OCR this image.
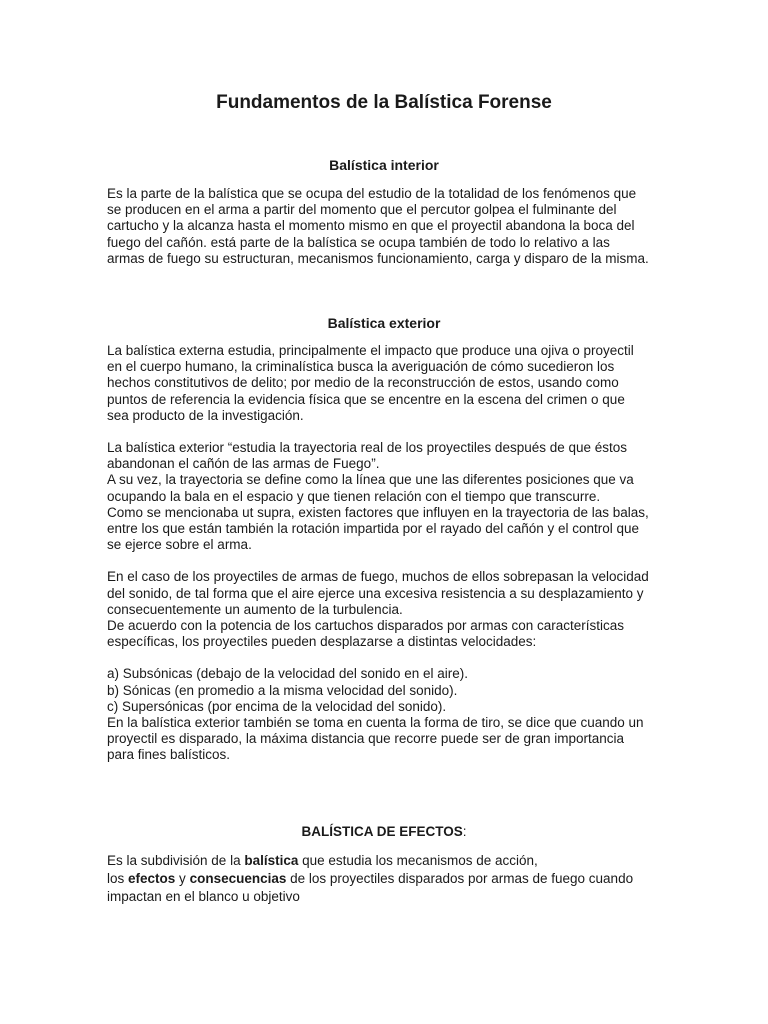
Fundamentos de la Balística Forense
Balística interior

Es la parte de la balística que se ocupa del estudio de la totalidad de los fenómenos que

se producen en el arma a partir del momento que el percutor golpea el fulminante del

cartucho y la alcanza hasta el momento mismo en que el proyectil abandona la boca del

fuego del cañón. está parte de la balística se ocupa también de todo lo relativo a las

armas de fuego su estructuran, mecanismos funcionamiento, carga y disparo de la misma.

Balística exterior

La balística externa estudia, principalmente el impacto que produce una ojiva o proyectil

en el cuerpo humano, la criminalística busca la averiguación de cómo sucedieron los

hechos constitutivos de delito; por medio de la reconstrucción de estos, usando como

puntos de referencia la evidencia física que se encentre en la escena del crimen o que

sea producto de la investigación.

La balística exterior “estudia la trayectoria real de los proyectiles después de que éstos

abandonan el cañón de las armas de Fuego”.

A su vez, la trayectoria se define como la línea que une las diferentes posiciones que va

ocupando la bala en el espacio y que tienen relación con el tiempo que transcurre.

Como se mencionaba ut supra, existen factores que influyen en la trayectoria de las balas,

entre los que están también la rotación impartida por el rayado del cañón y el control que

se ejerce sobre el arma.

En el caso de los proyectiles de armas de fuego, muchos de ellos sobrepasan la velocidad

del sonido, de tal forma que el aire ejerce una excesiva resistencia a su desplazamiento y

consecuentemente un aumento de la turbulencia.

De acuerdo con la potencia de los cartuchos disparados por armas con características

específicas, los proyectiles pueden desplazarse a distintas velocidades:

a) Subsónicas (debajo de la velocidad del sonido en el aire).

b) Sónicas (en promedio a la misma velocidad del sonido).

c) Supersónicas (por encima de la velocidad del sonido).

En la balística exterior también se toma en cuenta la forma de tiro, se dice que cuando un

proyectil es disparado, la máxima distancia que recorre puede ser de gran importancia

para fines balísticos.

BALÍSTICA DE EFECTOS:

Es la subdivisión de la balística que estudia los mecanismos de acción,

los efectos y consecuencias de los proyectiles disparados por armas de fuego cuando

impactan en el blanco u objetivo
